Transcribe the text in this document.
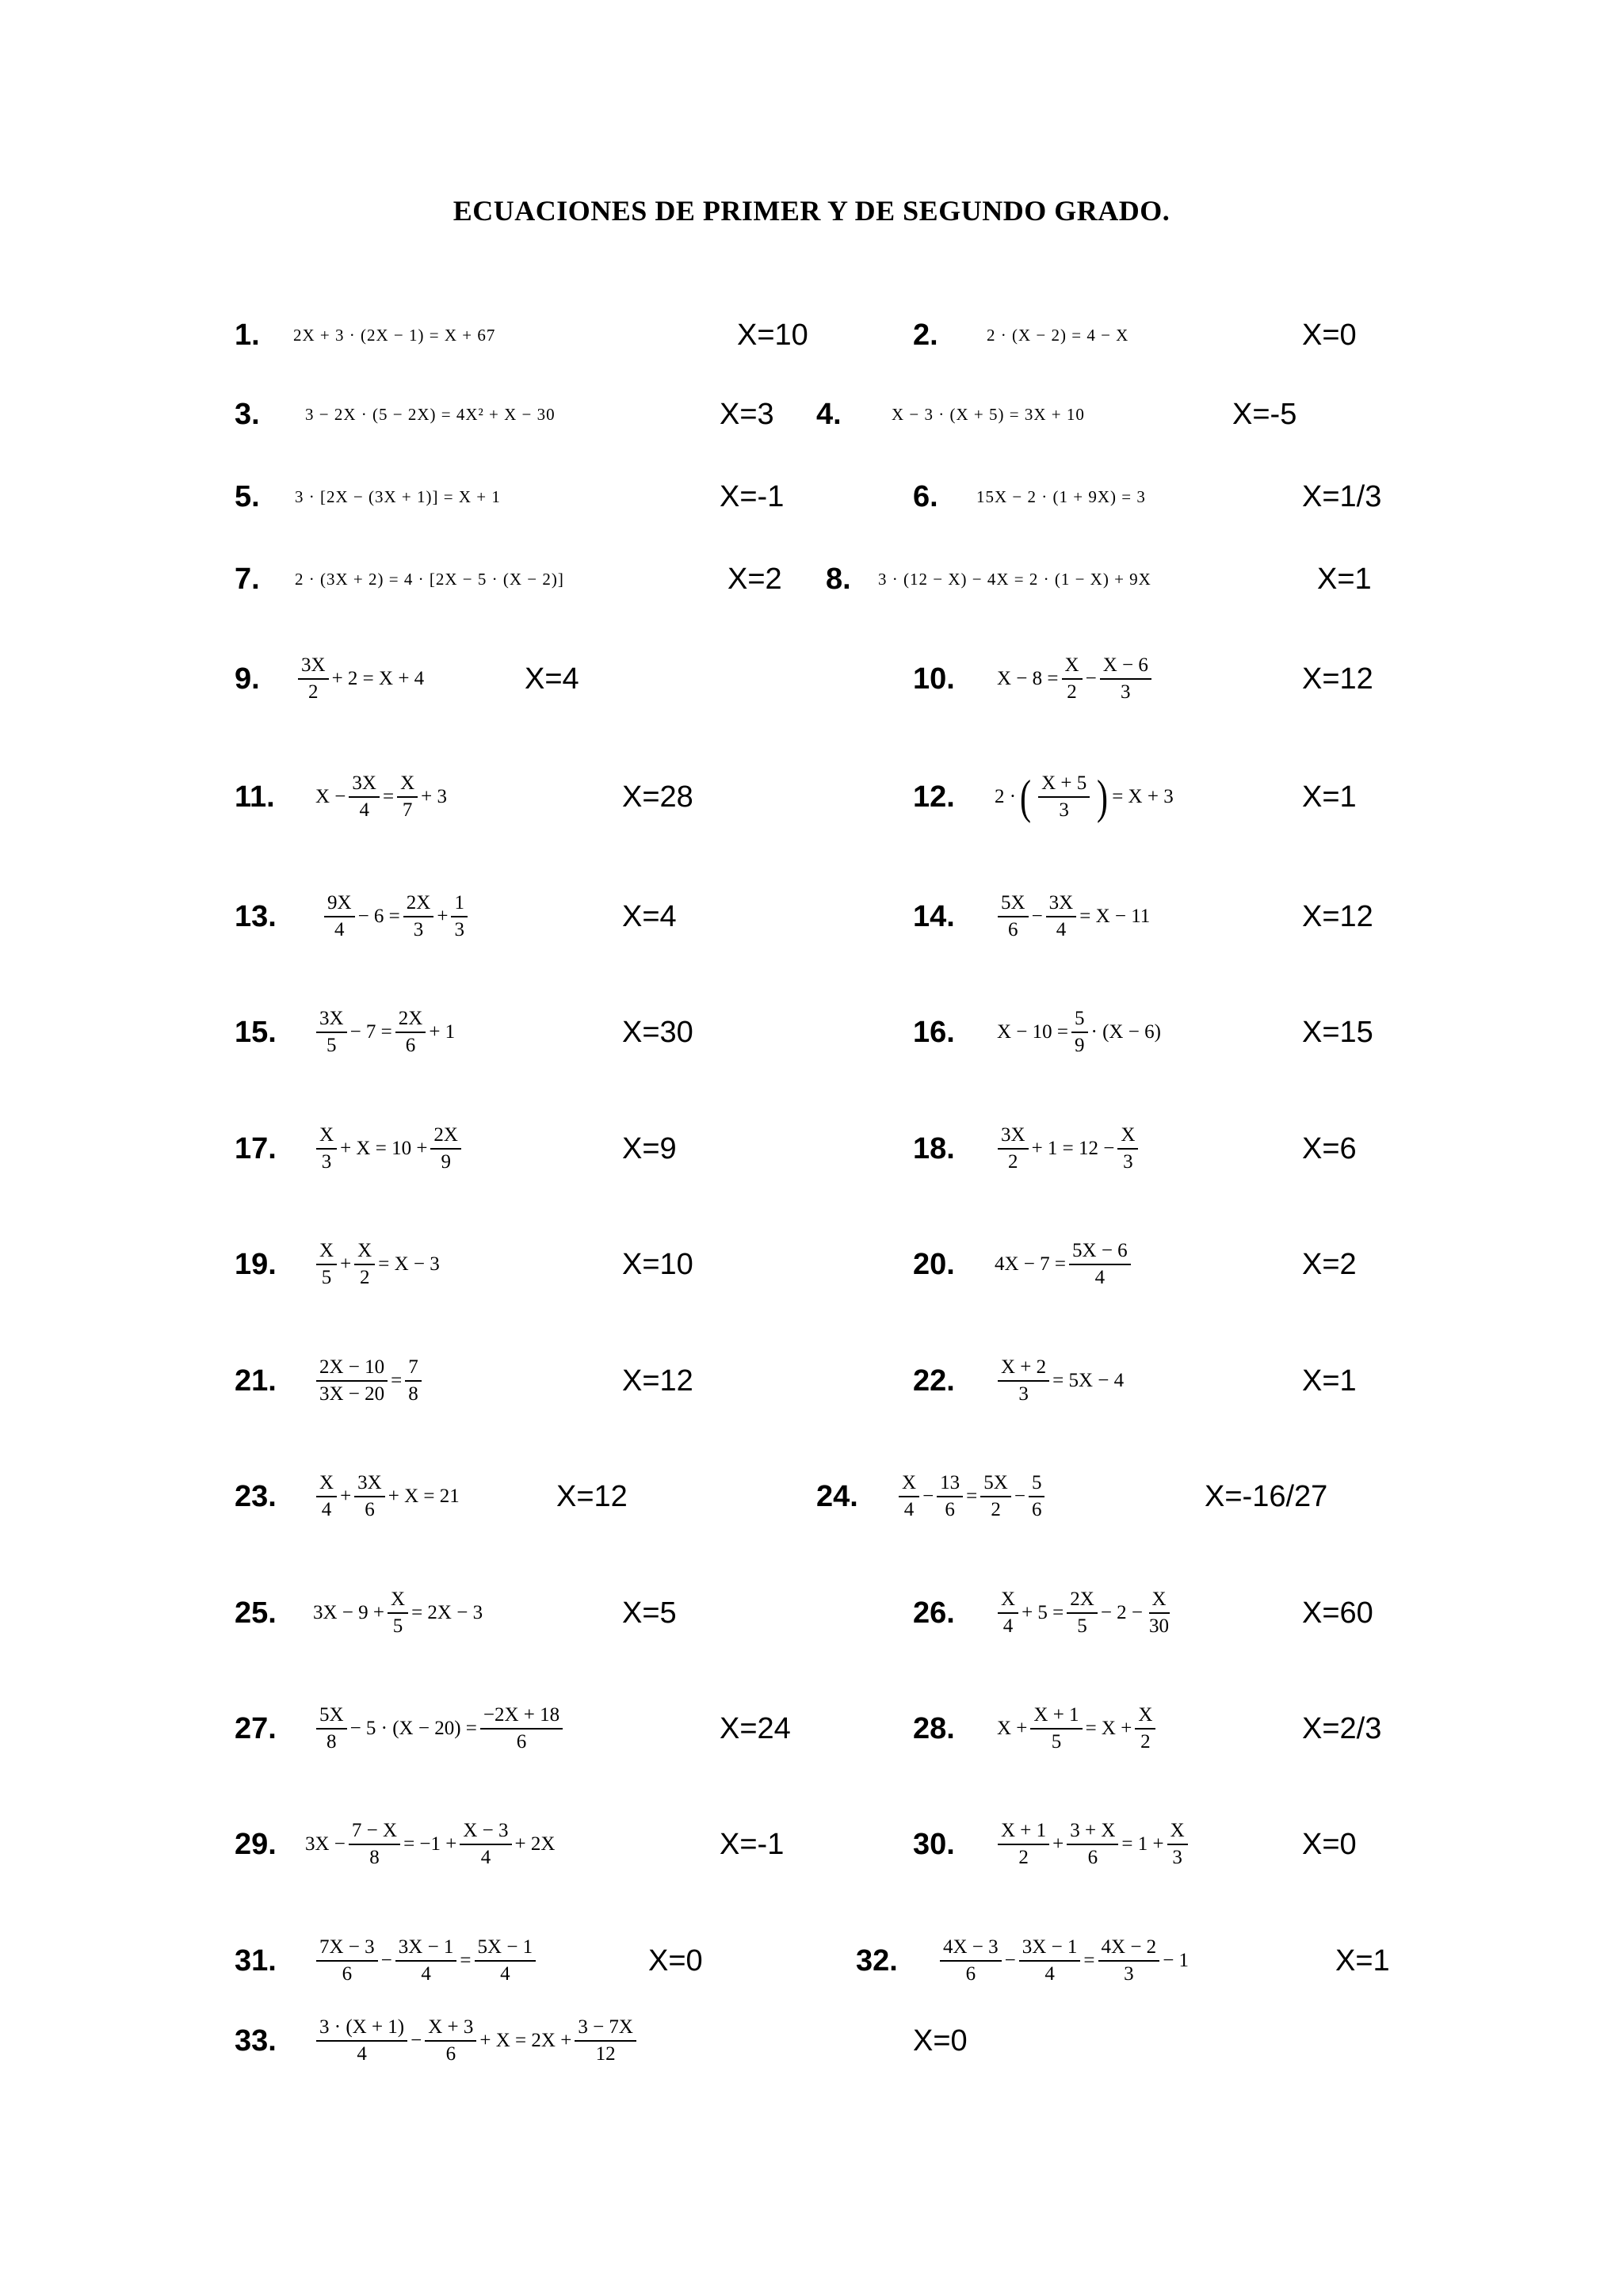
ECUACIONES DE PRIMER Y DE SEGUNDO GRADO.
1. 2X + 3 · (2X − 1) = X + 67	X=10	2.	2 · (X − 2) = 4 − X	X=0
3.	3 − 2X · (5 − 2X) = 4X² + X − 30	X=3 4.	X − 3 · (X + 5) = 3X + 10	X=-5
5. 3 · [2X − (3X + 1)] = X + 1	X=-1	6. 15X − 2 · (1 + 9X) = 3	X=1/3
7. 2 · (3X + 2) = 4 · [2X − 5 · (X − 2)]	X=2 8. 3 · (12 − X) − 4X = 2 · (1 − X) + 9X	X=1
9. $\frac{3X}{2} + 2 = X + 4$	X=4	10. $X - 8 = \frac{X}{2} - \frac{X - 6}{3}$	X=12
11. $X - \frac{3X}{4} = \frac{X}{7} + 3$	X=28	12. 2 · ( $\frac{X + 5}{3}$ ) = X + 3	X=1
13. $\frac{9X}{4} - 6 = \frac{2X}{3} + \frac{1}{3}$	X=4	14. $\frac{5X}{6} - \frac{3X}{4} = X - 11$	X=12
15. $\frac{3X}{5} - 7 = \frac{2X}{6} + 1$	X=30	16. $X - 10 = \frac{5}{9} \cdot (X - 6)$	X=15
17. $\frac{X}{3} + X = 10 + \frac{2X}{9}$	X=9	18. $\frac{3X}{2} + 1 = 12 - \frac{X}{3}$	X=6
19. $\frac{X}{5} + \frac{X}{2} = X - 3$	X=10	20. $4X - 7 = \frac{5X - 6}{4}$	X=2
21. $\frac{2X - 10}{3X - 20} = \frac{7}{8}$	X=12	22. $\frac{X + 2}{3} = 5X - 4$	X=1
23. $\frac{X}{4} + \frac{3X}{6} + X = 21$	X=12	24. $\frac{X}{4} - \frac{13}{6} = \frac{5X}{2} - \frac{5}{6}$	X=-16/27
25. $3X - 9 + \frac{X}{5} = 2X - 3$	X=5	26. $\frac{X}{4} + 5 = \frac{2X}{5} - 2 - \frac{X}{30}$	X=60
27. $\frac{5X}{8} - 5 \cdot (X - 20) = \frac{-2X + 18}{6}$	X=24	28. $X + \frac{X + 1}{5} = X + \frac{X}{2}$	X=2/3
29. $3X - \frac{7 - X}{8} = -1 + \frac{X - 3}{4} + 2X$	X=-1	30. $\frac{X + 1}{2} + \frac{3 + X}{6} = 1 + \frac{X}{3}$	X=0
31. $\frac{7X - 3}{6} - \frac{3X - 1}{4} = \frac{5X - 1}{4}$	X=0	32. $\frac{4X - 3}{6} - \frac{3X - 1}{4} = \frac{4X - 2}{3} - 1$	X=1
33. $\frac{3 \cdot (X + 1)}{4} - \frac{X + 3}{6} + X = 2X + \frac{3 - 7X}{12}$	X=0
